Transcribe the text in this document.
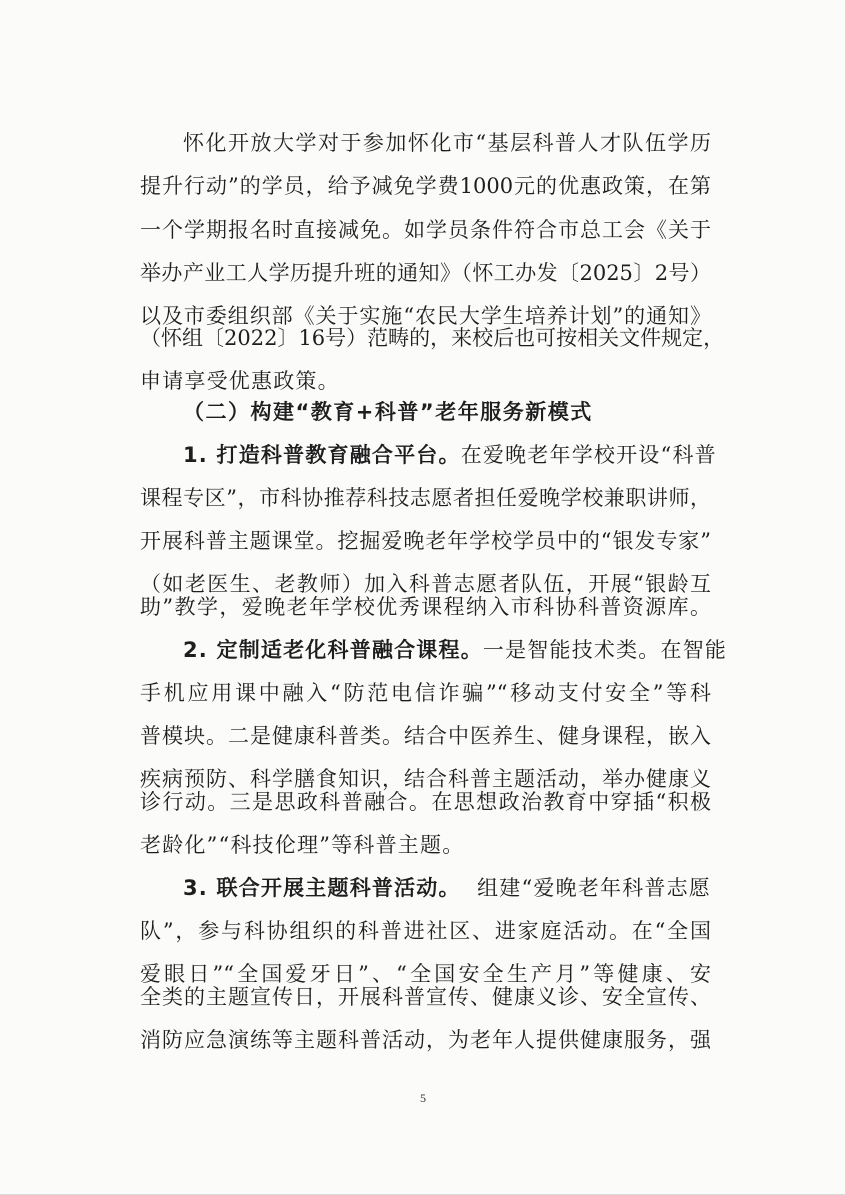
怀化开放大学对于参加怀化市“基层科普人才队伍学历
提升行动”的学员，给予减免学费1000元的优惠政策，在第
一个学期报名时直接减免。如学员条件符合市总工会《关于
举办产业工人学历提升班的通知》（怀工办发〔2025〕2号）
以及市委组织部《关于实施“农民大学生培养计划”的通知》
（怀组〔2022〕16号）范畴的，来校后也可按相关文件规定，
申请享受优惠政策。
（二）构建“教育+科普”老年服务新模式
1. 打造科普教育融合平台。 在爱晚老年学校开设“科普
课程专区”，市科协推荐科技志愿者担任爱晚学校兼职讲师，
开展科普主题课堂。挖掘爱晚老年学校学员中的“银发专家”
（如老医生、老教师）加入科普志愿者队伍，开展“银龄互
助”教学，爱晚老年学校优秀课程纳入市科协科普资源库。
2. 定制适老化科普融合课程。 一是智能技术类。在智能
手机应用课中融入“防范电信诈骗”“移动支付安全”等科
普模块。二是健康科普类。结合中医养生、健身课程，嵌入
疾病预防、科学膳食知识，结合科普主题活动，举办健康义
诊行动。三是思政科普融合。在思想政治教育中穿插“积极
老龄化”“科技伦理”等科普主题。
3. 联合开展主题科普活动。 组建“爱晚老年科普志愿
队”，参与科协组织的科普进社区、进家庭活动。在“全国
爱眼日”“全国爱牙日”、“全国安全生产月”等健康、安
全类的主题宣传日，开展科普宣传、健康义诊、安全宣传、
消防应急演练等主题科普活动，为老年人提供健康服务，强
5
